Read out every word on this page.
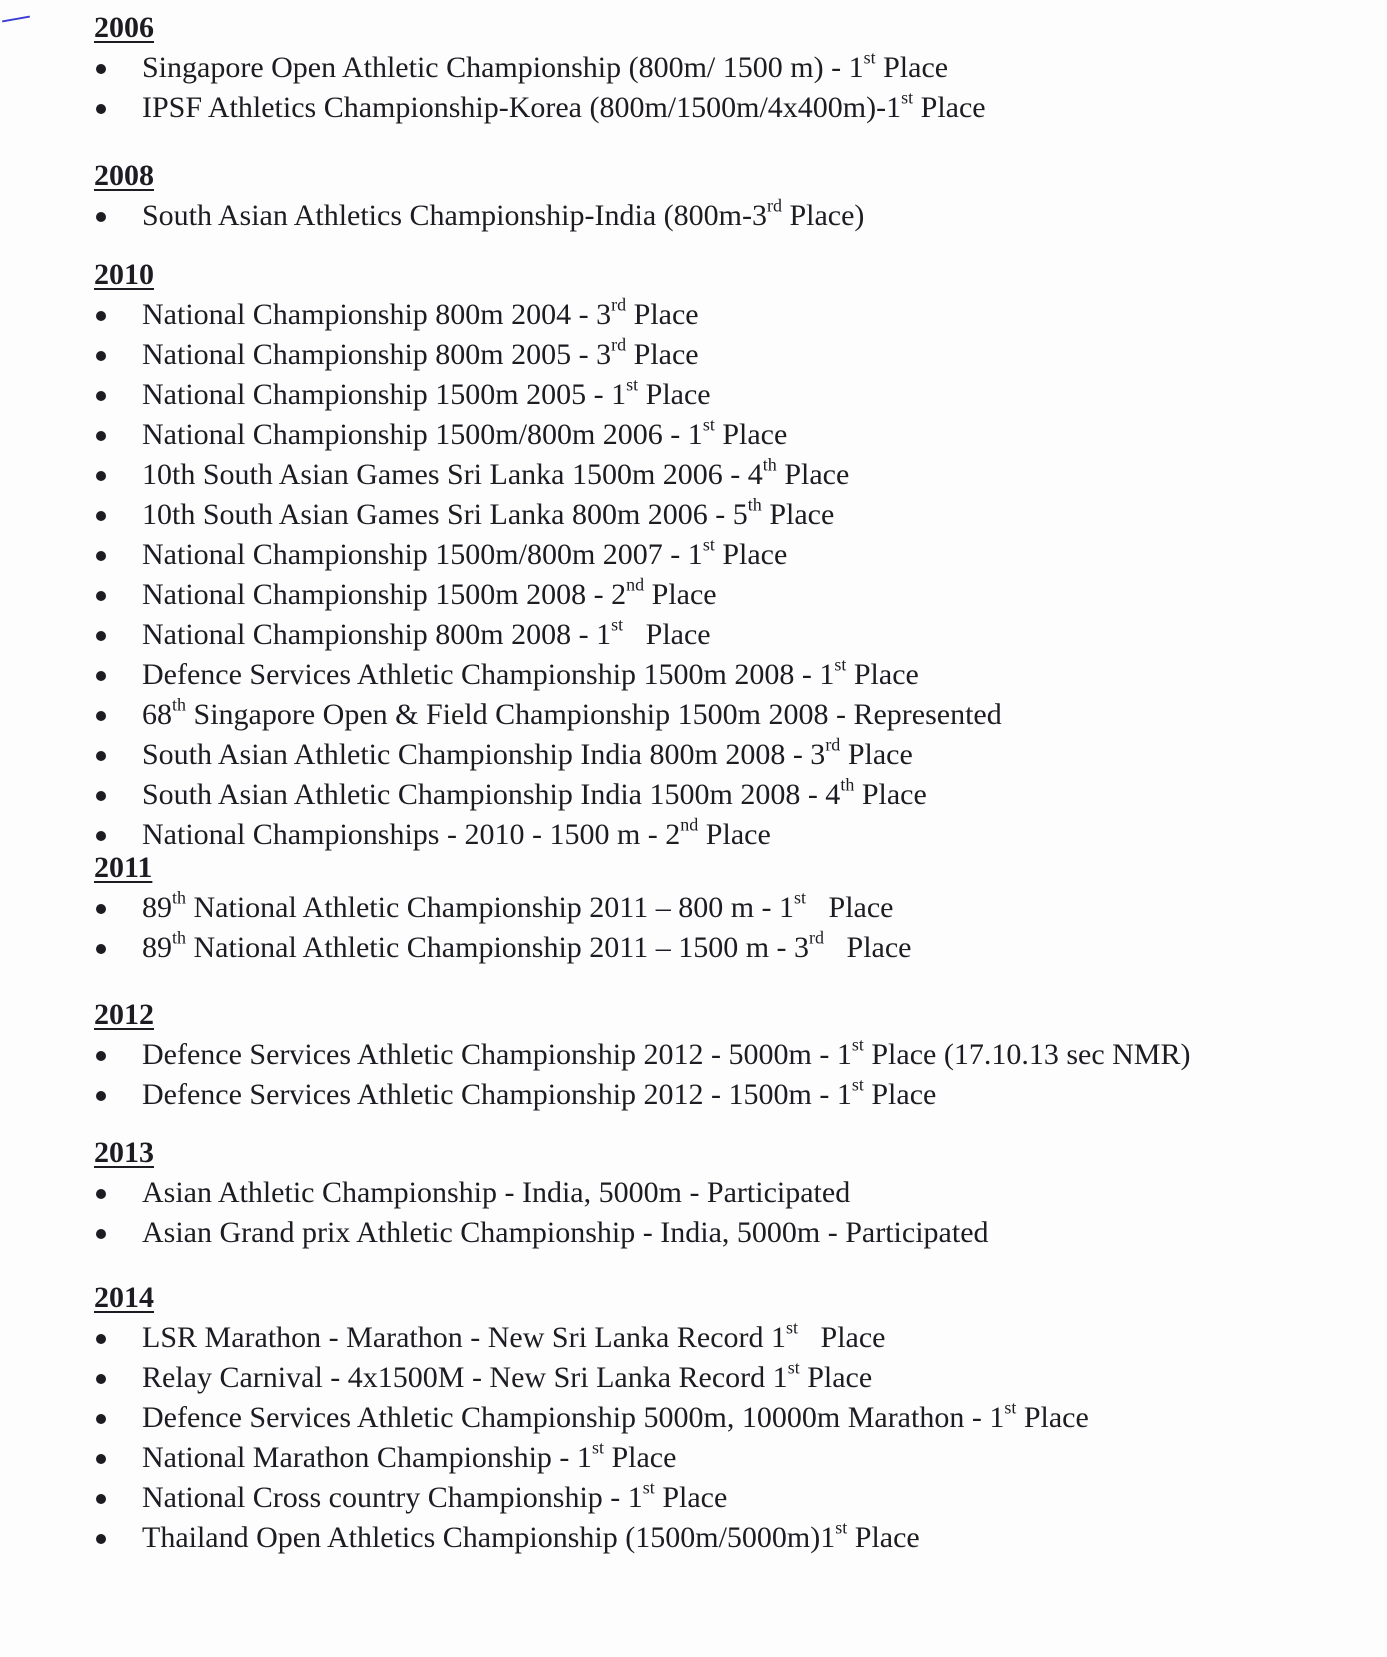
2006
Singapore Open Athletic Championship (800m/ 1500 m) - 1st Place
IPSF Athletics Championship-Korea (800m/1500m/4x400m)-1st Place
2008
South Asian Athletics Championship-India (800m-3rd Place)
2010
National Championship 800m 2004 - 3rd Place
National Championship 800m 2005 - 3rd Place
National Championship 1500m 2005 - 1st Place
National Championship 1500m/800m 2006 - 1st Place
10th South Asian Games Sri Lanka 1500m 2006 - 4th Place
10th South Asian Games Sri Lanka 800m 2006 - 5th Place
National Championship 1500m/800m 2007 - 1st Place
National Championship 1500m 2008 - 2nd Place
National Championship 800m 2008 - 1st   Place
Defence Services Athletic Championship 1500m 2008 - 1st Place
68th Singapore Open & Field Championship 1500m 2008 - Represented
South Asian Athletic Championship India 800m 2008 - 3rd Place
South Asian Athletic Championship India 1500m 2008 - 4th Place
National Championships - 2010 - 1500 m - 2nd Place
2011
89th National Athletic Championship 2011 – 800 m - 1st   Place
89th National Athletic Championship 2011 – 1500 m - 3rd   Place
2012
Defence Services Athletic Championship 2012 - 5000m - 1st Place (17.10.13 sec NMR)
Defence Services Athletic Championship 2012 - 1500m - 1st Place
2013
Asian Athletic Championship - India, 5000m - Participated
Asian Grand prix Athletic Championship - India, 5000m - Participated
2014
LSR Marathon - Marathon - New Sri Lanka Record 1st   Place
Relay Carnival - 4x1500M - New Sri Lanka Record 1st Place
Defence Services Athletic Championship 5000m, 10000m Marathon - 1st Place
National Marathon Championship - 1st Place
National Cross country Championship - 1st Place
Thailand Open Athletics Championship (1500m/5000m)1st Place
